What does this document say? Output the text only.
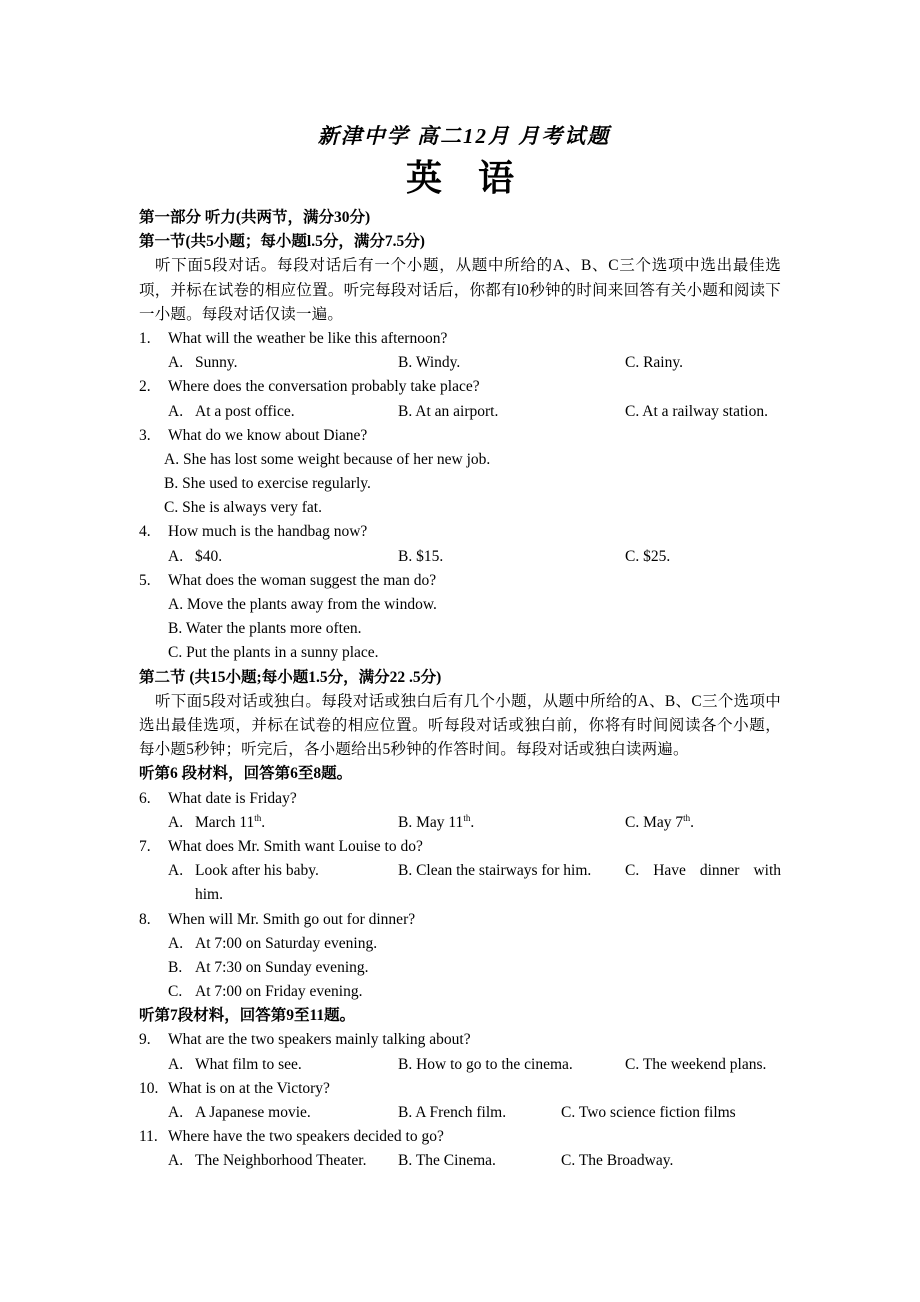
新津中学 高二12月 月考试题
英 语
第一部分 听力(共两节，满分30分)
第一节(共5小题；每小题l.5分，满分7.5分)
听下面5段对话。每段对话后有一个小题，从题中所给的A、B、C三个选项中选出最佳选项，并标在试卷的相应位置。听完每段对话后，你都有l0秒钟的时间来回答有关小题和阅读下一小题。每段对话仅读一遍。
1. What will the weather be like this afternoon?
A. Sunny.	B. Windy.	C. Rainy.
2. Where does the conversation probably take place?
A. At a post office.	B. At an airport.	C. At a railway station.
3. What do we know about Diane?
A. She has lost some weight because of her new job.
B. She used to exercise regularly.
C. She is always very fat.
4. How much is the handbag now?
A. $40.	B. $15.	C. $25.
5. What does the woman suggest the man do?
A. Move the plants away from the window.
B. Water the plants more often.
C. Put the plants in a sunny place.
第二节 (共15小题;每小题1.5分，满分22 .5分)
听下面5段对话或独白。每段对话或独白后有几个小题，从题中所给的A、B、C三个选项中选出最佳选项，并标在试卷的相应位置。听每段对话或独白前，你将有时间阅读各个小题，每小题5秒钟；听完后，各小题给出5秒钟的作答时间。每段对话或独白读两遍。
听第6 段材料，回答第6至8题。
6. What date is Friday?
A. March 11th.	B. May 11th.	C. May 7th.
7. What does Mr. Smith want Louise to do?
A. Look after his baby.	B. Clean the stairways for him. C. Have dinner with
him.
8. When will Mr. Smith go out for dinner?
A. At 7:00 on Saturday evening.
B. At 7:30 on Sunday evening.
C. At 7:00 on Friday evening.
听第7段材料，回答第9至11题。
9. What are the two speakers mainly talking about?
A. What film to see.	B. How to go to the cinema.	C. The weekend plans.
10. What is on at the Victory?
A. A Japanese movie.	B. A French film.	C. Two science fiction films
11. Where have the two speakers decided to go?
A. The Neighborhood Theater. B. The Cinema.	C. The Broadway.
